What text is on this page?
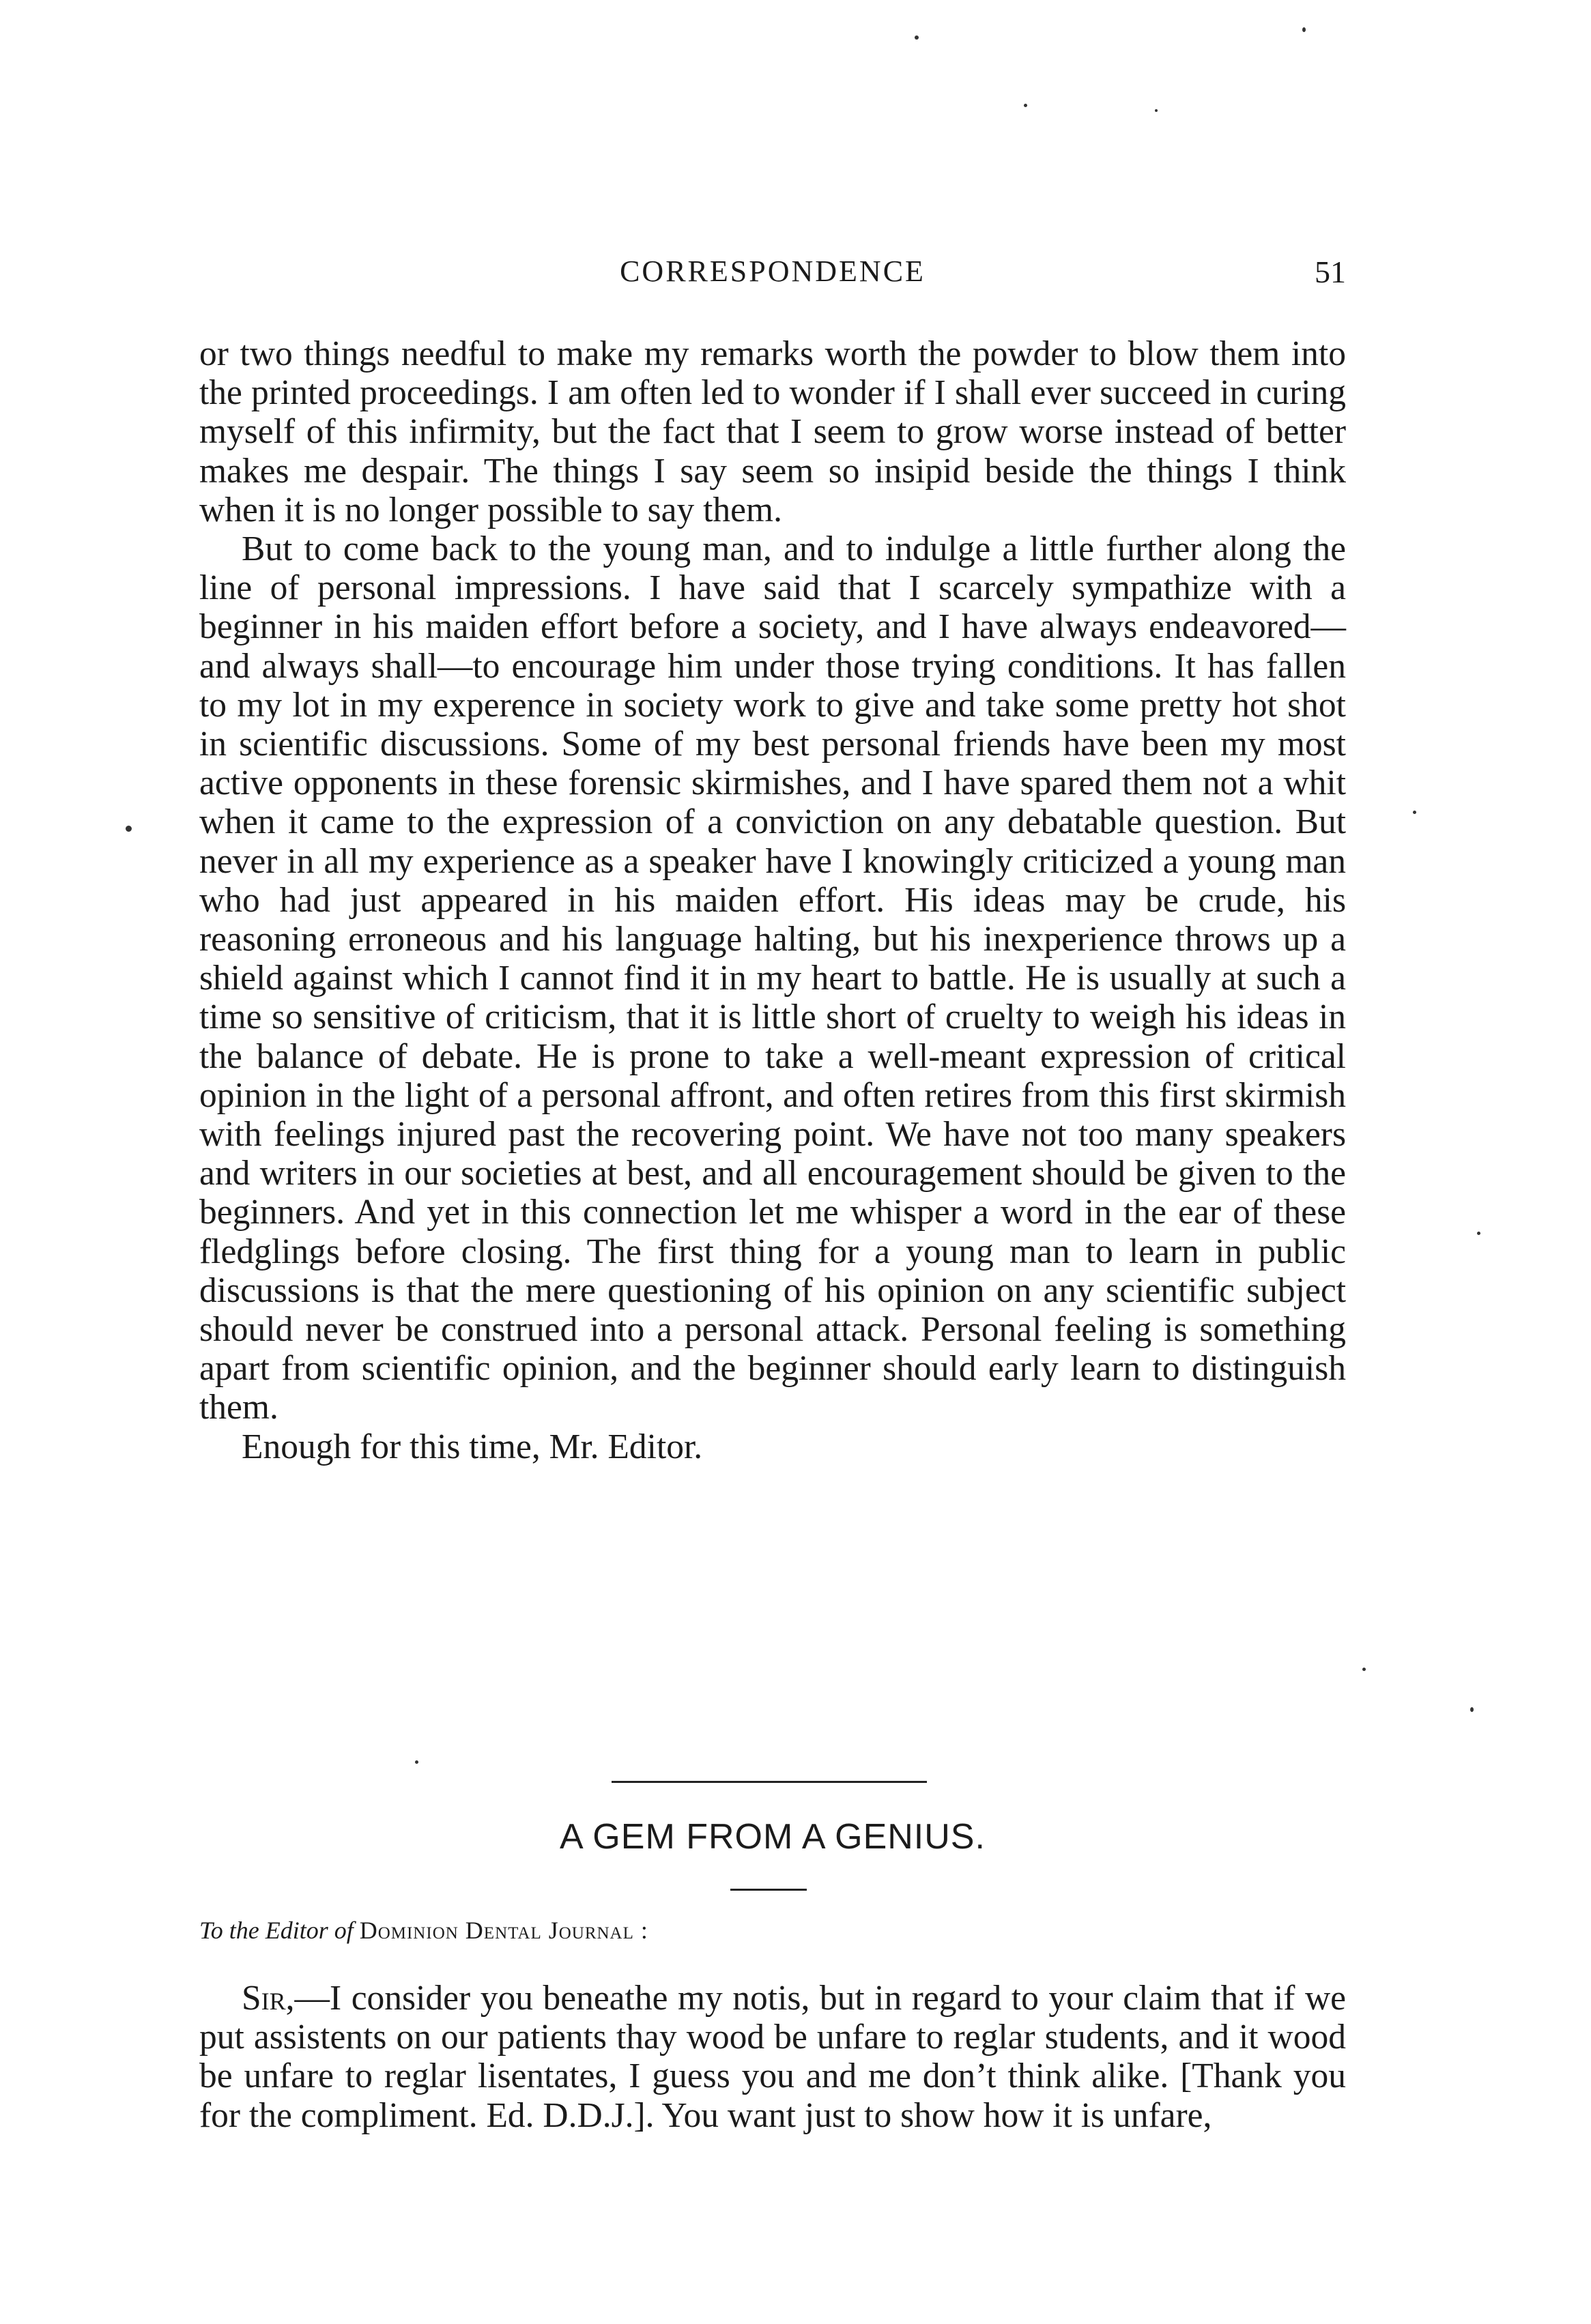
CORRESPONDENCE	51

or two things needful to make my remarks worth the powder to blow them into the printed proceedings. I am often led to wonder if I shall ever succeed in curing myself of this infirmity, but the fact that I seem to grow worse instead of better makes me despair. The things I say seem so insipid beside the things I think when it is no longer possible to say them.

But to come back to the young man, and to indulge a little further along the line of personal impressions. I have said that I scarcely sympathize with a beginner in his maiden effort before a society, and I have always endeavored—and always shall—to encourage him under those trying conditions. It has fallen to my lot in my experence in society work to give and take some pretty hot shot in scientific discussions. Some of my best personal friends have been my most active opponents in these forensic skirmishes, and I have spared them not a whit when it came to the expression of a conviction on any debatable question. But never in all my experience as a speaker have I knowingly criticized a young man who had just appeared in his maiden effort. His ideas may be crude, his reasoning erroneous and his language halting, but his inexperience throws up a shield against which I cannot find it in my heart to battle. He is usually at such a time so sensitive of criticism, that it is little short of cruelty to weigh his ideas in the balance of debate. He is prone to take a well-meant expression of critical opinion in the light of a personal affront, and often retires from this first skirmish with feelings injured past the recovering point. We have not too many speakers and writers in our societies at best, and all encouragement should be given to the beginners. And yet in this connection let me whisper a word in the ear of these fledglings before closing. The first thing for a young man to learn in public discussions is that the mere questioning of his opinion on any scientific subject should never be construed into a personal attack. Personal feeling is something apart from scientific opinion, and the beginner should early learn to distinguish them.

Enough for this time, Mr. Editor.

A GEM FROM A GENIUS.
To the Editor of Dominion Dental Journal :

Sir,—I consider you beneathe my notis, but in regard to your claim that if we put assistents on our patients thay wood be unfare to reglar students, and it wood be unfare to reglar lisentates, I guess you and me don’t think alike. [Thank you for the compliment. Ed. D.D.J.]. You want just to show how it is unfare,
